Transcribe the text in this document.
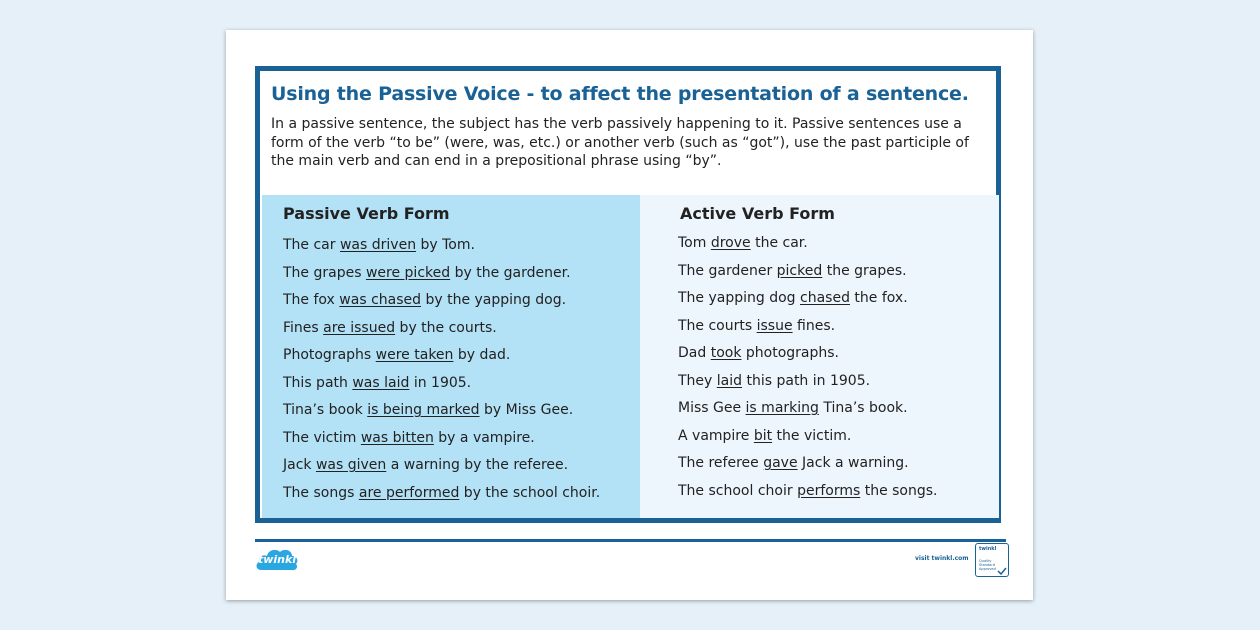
Using the Passive Voice - to affect the presentation of a sentence.

In a passive sentence, the subject has the verb passively happening to it. Passive sentences use a form of the verb “to be” (were, was, etc.) or another verb (such as “got”), use the past participle of the main verb and can end in a prepositional phrase using “by”.

Passive Verb Form
The car was driven by Tom.
The grapes were picked by the gardener.
The fox was chased by the yapping dog.
Fines are issued by the courts.
Photographs were taken by dad.
This path was laid in 1905.
Tina’s book is being marked by Miss Gee.
The victim was bitten by a vampire.
Jack was given a warning by the referee.
The songs are performed by the school choir.
Active Verb Form
Tom drove the car.
The gardener picked the grapes.
The yapping dog chased the fox.
The courts issue fines.
Dad took photographs.
They laid this path in 1905.
Miss Gee is marking Tina’s book.
A vampire bit the victim.
The referee gave Jack a warning.
The school choir performs the songs.
twinkl	visit twinkl.com
twinkl
Quality Standard Approved
